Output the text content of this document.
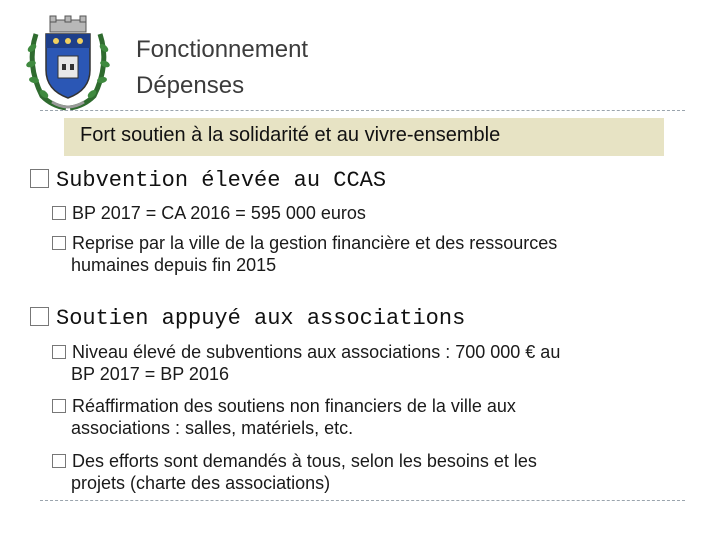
Fonctionnement
Dépenses
Fort soutien à la solidarité et au vivre-ensemble
Subvention élevée au CCAS
BP 2017 = CA 2016 = 595 000 euros
Reprise par la ville de la gestion financière et des ressources
humaines depuis fin 2015
Soutien appuyé aux associations
Niveau élevé de subventions aux associations : 700 000 € au
BP 2017 = BP 2016
Réaffirmation des soutiens non financiers de la ville aux
associations : salles, matériels, etc.
Des efforts sont demandés à tous, selon les besoins et les
projets (charte des associations)
